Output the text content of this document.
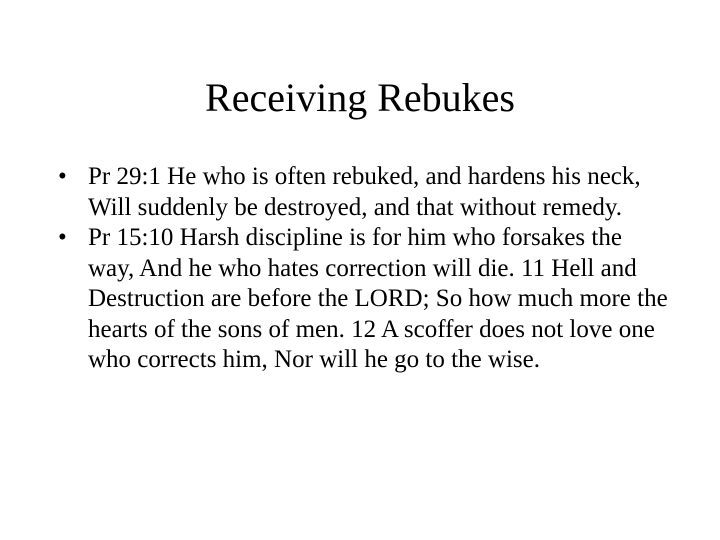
Receiving Rebukes
• Pr 29:1 He who is often rebuked, and hardens his neck, Will suddenly be destroyed, and that without remedy.
• Pr 15:10 Harsh discipline is for him who forsakes the way, And he who hates correction will die. 11 Hell and Destruction are before the LORD; So how much more the hearts of the sons of men. 12 A scoffer does not love one who corrects him, Nor will he go to the wise.
